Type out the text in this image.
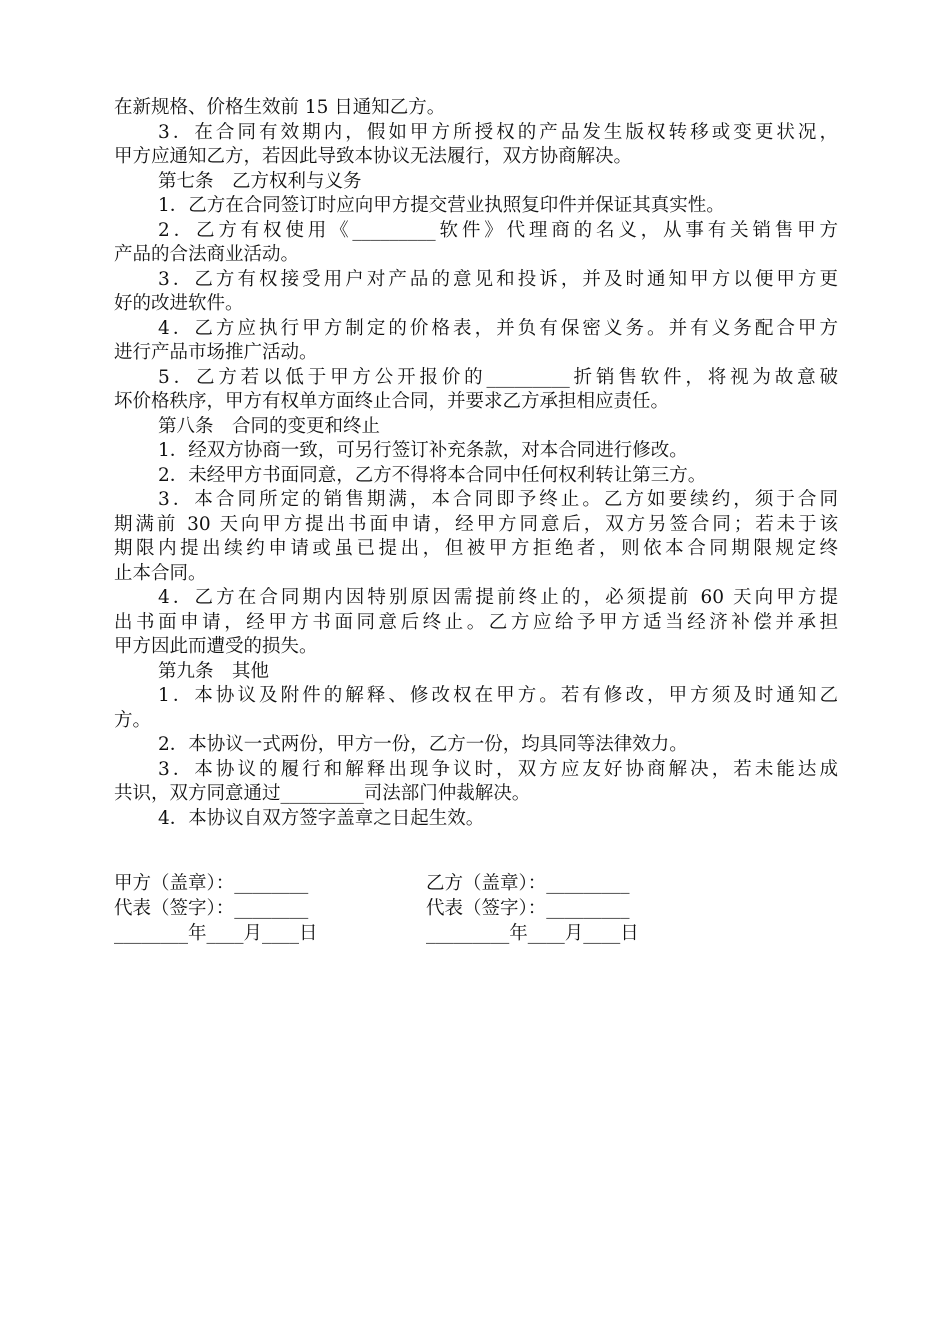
在新规格、价格生效前 15 日通知乙方。
3．在合同有效期内，假如甲方所授权的产品发生版权转移或变更状况，
甲方应通知乙方，若因此导致本协议无法履行，双方协商解决。
第七条　乙方权利与义务
1．乙方在合同签订时应向甲方提交营业执照复印件并保证其真实性。
2．乙方有权使用《_________软件》代理商的名义，从事有关销售甲方
产品的合法商业活动。
3．乙方有权接受用户对产品的意见和投诉，并及时通知甲方以便甲方更
好的改进软件。
4．乙方应执行甲方制定的价格表，并负有保密义务。并有义务配合甲方
进行产品市场推广活动。
5．乙方若以低于甲方公开报价的_________折销售软件，将视为故意破
坏价格秩序，甲方有权单方面终止合同，并要求乙方承担相应责任。
第八条　合同的变更和终止
1．经双方协商一致，可另行签订补充条款，对本合同进行修改。
2．未经甲方书面同意，乙方不得将本合同中任何权利转让第三方。
3．本合同所定的销售期满，本合同即予终止。乙方如要续约，须于合同
期满前 30 天向甲方提出书面申请，经甲方同意后，双方另签合同；若未于该
期限内提出续约申请或虽已提出，但被甲方拒绝者，则依本合同期限规定终
止本合同。
4．乙方在合同期内因特别原因需提前终止的，必须提前 60 天向甲方提
出书面申请，经甲方书面同意后终止。乙方应给予甲方适当经济补偿并承担
甲方因此而遭受的损失。
第九条　其他
1．本协议及附件的解释、修改权在甲方。若有修改，甲方须及时通知乙
方。
2．本协议一式两份，甲方一份，乙方一份，均具同等法律效力。
3．本协议的履行和解释出现争议时，双方应友好协商解决，若未能达成
共识，双方同意通过_________司法部门仲裁解决。
4．本协议自双方签字盖章之日起生效。
甲方（盖章）：________	乙方（盖章）：_________
代表（签字）：________	代表（签字）：_________
________年____月____日	_________年____月____日
